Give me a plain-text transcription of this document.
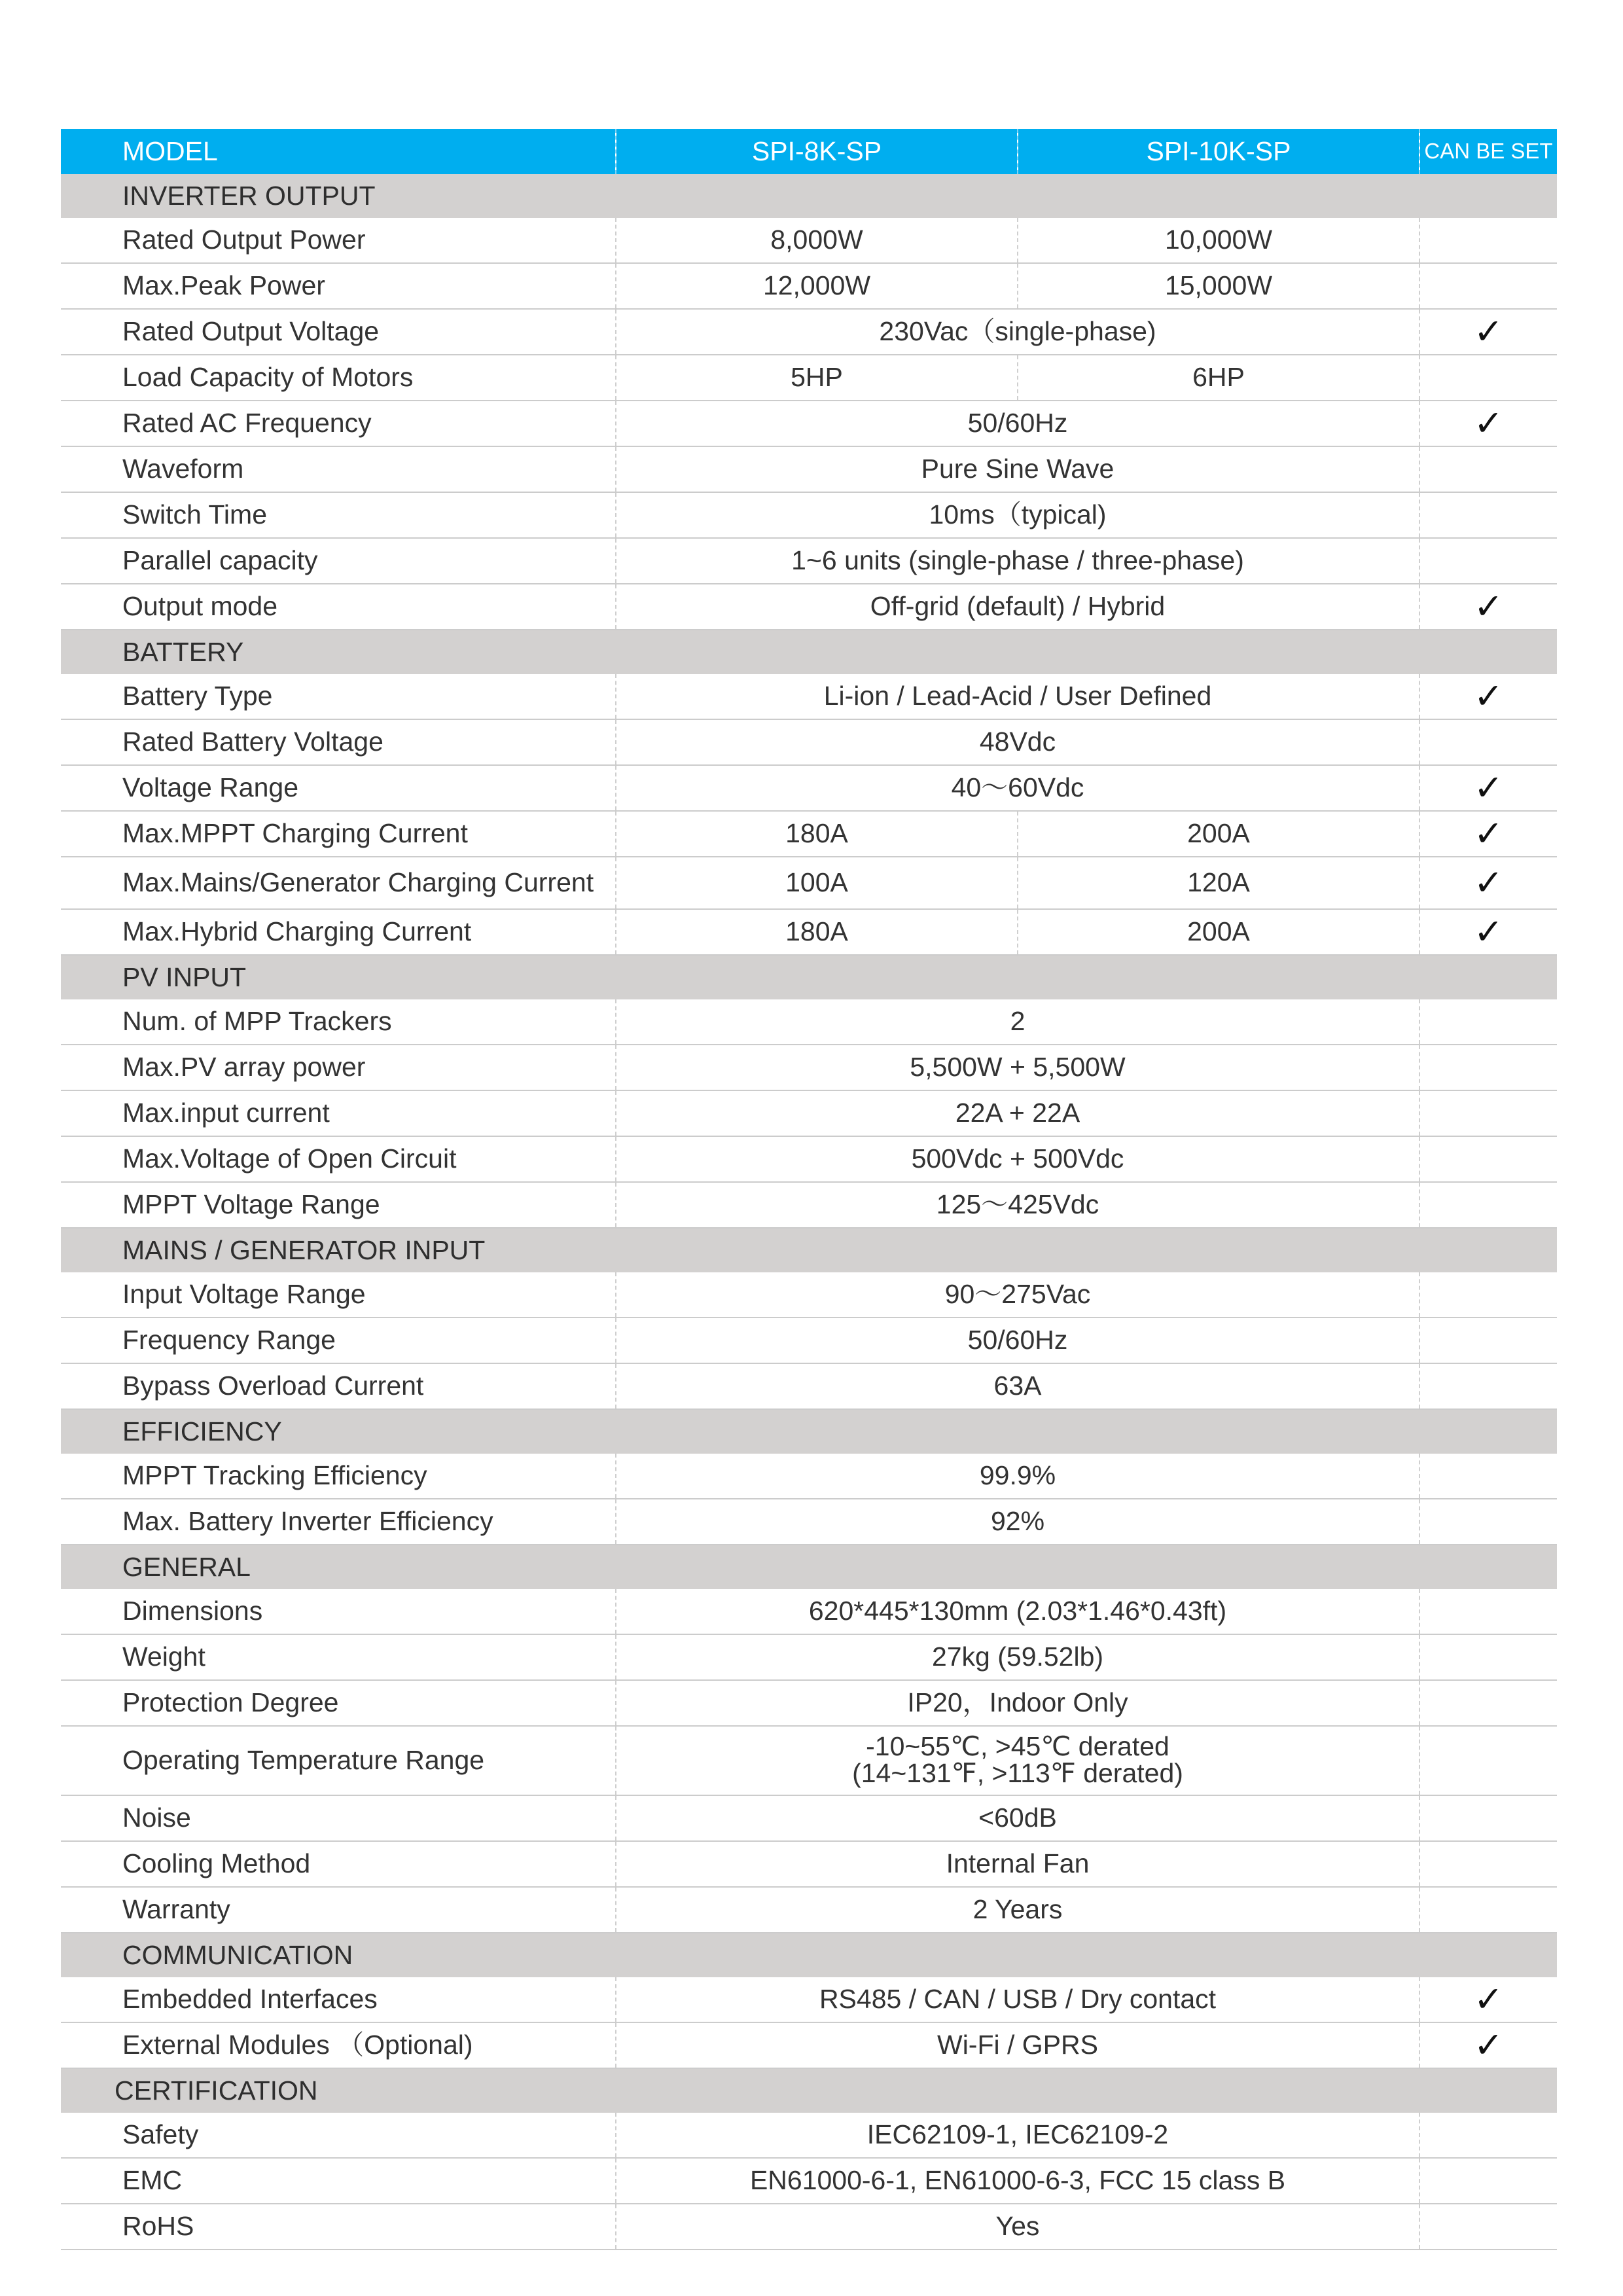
MODEL	SPI-8K-SP	SPI-10K-SP	CAN BE SET
INVERTER OUTPUT			
Rated Output Power	8,000W	10,000W	
Max.Peak Power	12,000W	15,000W	
Rated Output Voltage	230Vac（single-phase)		✓
Load Capacity of Motors	5HP	6HP	
Rated AC Frequency	50/60Hz		✓
Waveform	Pure Sine Wave		
Switch Time	10ms（typical)		
Parallel capacity	1~6 units (single-phase / three-phase)		
Output mode	Off-grid (default) / Hybrid		✓
BATTERY			
Battery Type	Li-ion / Lead-Acid / User Defined		✓
Rated Battery Voltage	48Vdc		
Voltage Range	40～60Vdc		✓
Max.MPPT Charging Current	180A	200A	✓
Max.Mains/Generator Charging Current	100A	120A	✓
Max.Hybrid Charging Current	180A	200A	✓
PV INPUT			
Num. of MPP Trackers	2		
Max.PV array power	5,500W + 5,500W		
Max.input current	22A + 22A		
Max.Voltage of Open Circuit	500Vdc + 500Vdc		
MPPT Voltage Range	125～425Vdc		
MAINS / GENERATOR INPUT			
Input Voltage Range	90～275Vac		
Frequency Range	50/60Hz		
Bypass Overload Current	63A		
EFFICIENCY			
MPPT Tracking Efficiency	99.9%		
Max. Battery Inverter Efficiency	92%		
GENERAL			
Dimensions	620*445*130mm (2.03*1.46*0.43ft)		
Weight	27kg (59.52lb)		
Protection Degree	IP20，Indoor Only		
Operating Temperature Range	-10~55℃, >45℃ derated
(14~131℉, >113℉ derated)		
Noise	<60dB		
Cooling Method	Internal Fan		
Warranty	2 Years		
COMMUNICATION			
Embedded Interfaces	RS485 / CAN / USB / Dry contact		✓
External Modules （Optional)	Wi-Fi / GPRS		✓
CERTIFICATION			
Safety	IEC62109-1, IEC62109-2		
EMC	EN61000-6-1, EN61000-6-3, FCC 15 class B		
RoHS	Yes		
